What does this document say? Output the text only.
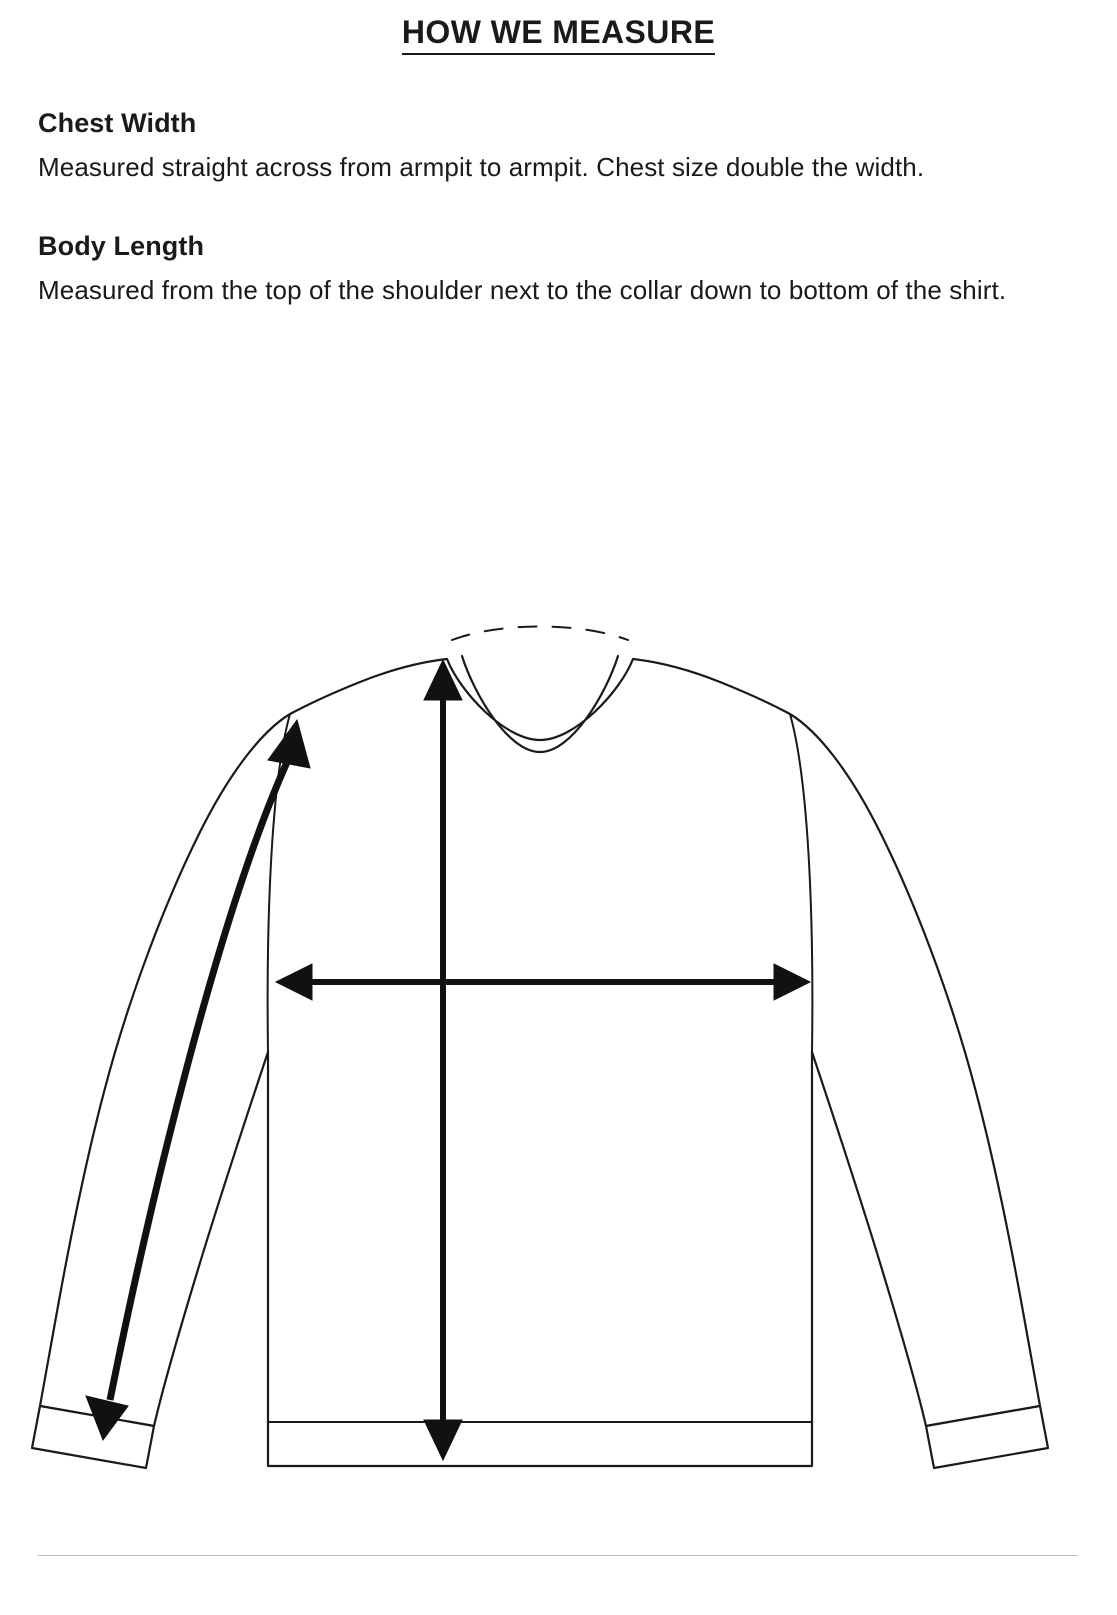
HOW WE MEASURE
Chest Width

Measured straight across from armpit to armpit. Chest size double the width.

Body Length

Measured from the top of the shoulder next to the collar down to bottom of the shirt.
